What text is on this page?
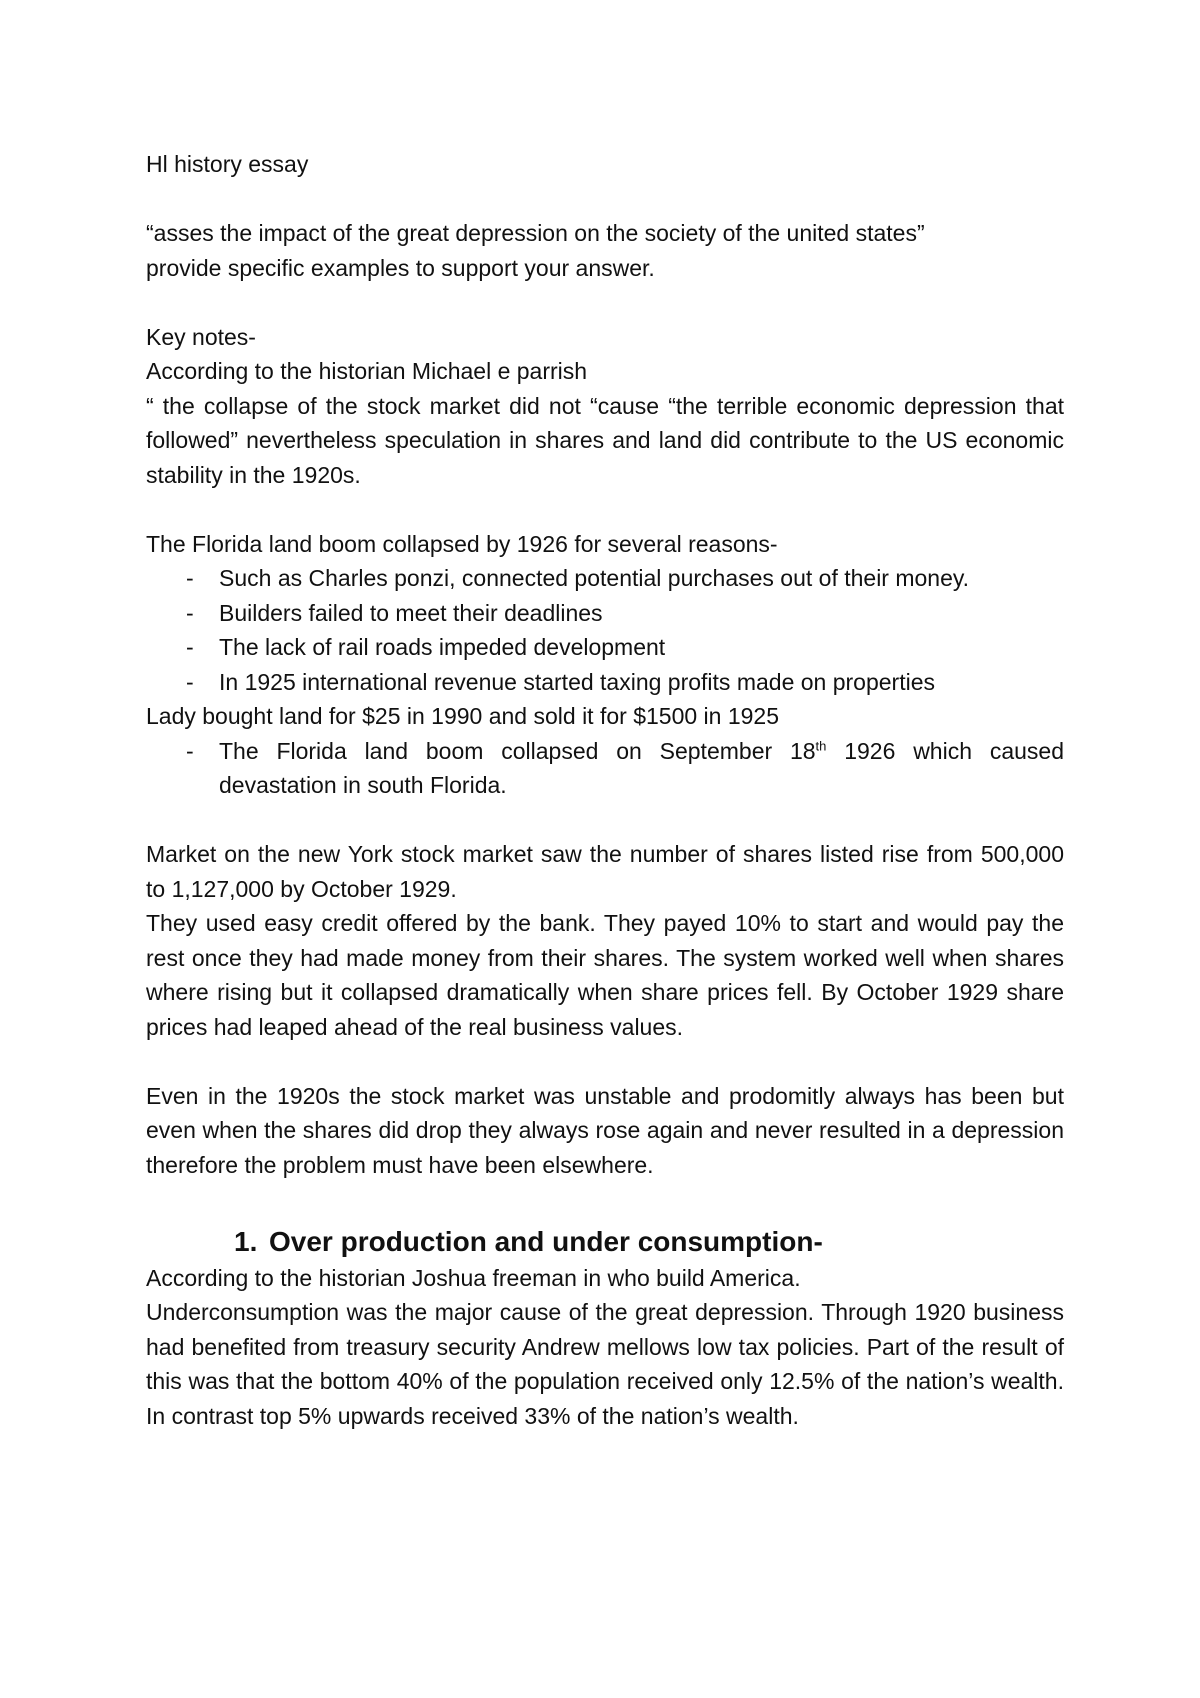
Hl history essay

“asses the impact of the great depression on the society of the united states”

provide specific examples to support your answer.

Key notes-

According to the historian Michael e parrish

“ the collapse of the stock market did not “cause “the terrible economic depression that followed” nevertheless speculation in shares and land did contribute to the US economic stability in the 1920s.

The Florida land boom collapsed by 1926 for several reasons-

- Such as Charles ponzi, connected potential purchases out of their money.
- Builders failed to meet their deadlines
- The lack of rail roads impeded development
- In 1925 international revenue started taxing profits made on properties

Lady bought land for $25 in 1990 and sold it for $1500 in 1925

- The Florida land boom collapsed on September 18th 1926 which caused devastation in south Florida.

Market on the new York stock market saw the number of shares listed rise from 500,000 to 1,127,000 by October 1929.

They used easy credit offered by the bank. They payed 10% to start and would pay the rest once they had made money from their shares. The system worked well when shares where rising but it collapsed dramatically when share prices fell. By October 1929 share prices had leaped ahead of the real business values.

Even in the 1920s the stock market was unstable and prodomitly always has been but even when the shares did drop they always rose again and never resulted in a depression therefore the problem must have been elsewhere.

1. Over production and under consumption-

According to the historian Joshua freeman in who build America.

Underconsumption was the major cause of the great depression. Through 1920 business had benefited from treasury security Andrew mellows low tax policies. Part of the result of this was that the bottom 40% of the population received only 12.5% of the nation’s wealth. In contrast top 5% upwards received 33% of the nation’s wealth.
